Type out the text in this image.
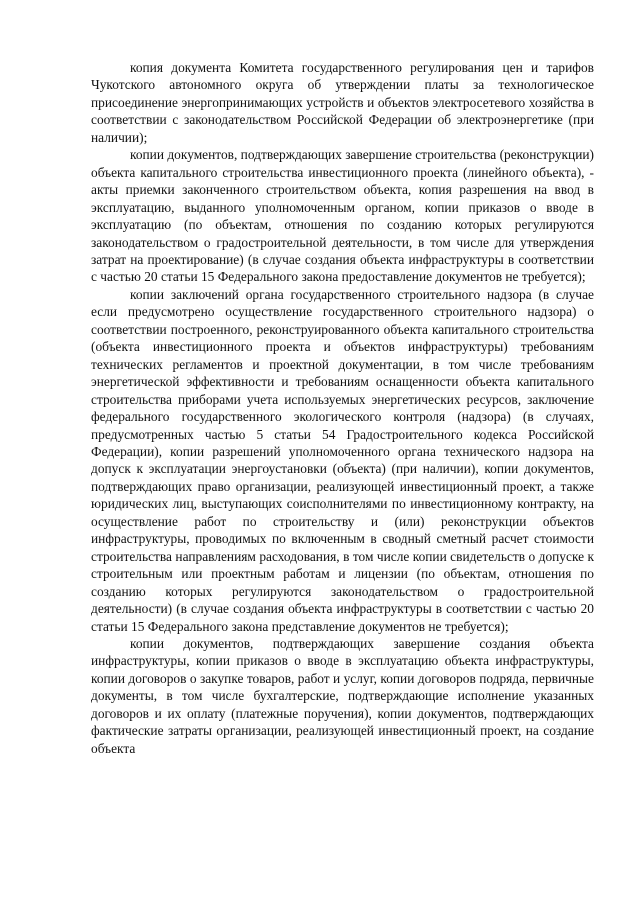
копия документа Комитета государственного регулирования цен и тарифов Чукотского автономного округа об утверждении платы за технологическое присоединение энергопринимающих устройств и объектов электросетевого хозяйства в соответствии с законодательством Российской Федерации об электроэнергетике (при наличии);

копии документов, подтверждающих завершение строительства (реконструкции) объекта капитального строительства инвестиционного проекта (линейного объекта), - акты приемки законченного строительством объекта, копия разрешения на ввод в эксплуатацию, выданного уполномоченным органом, копии приказов о вводе в эксплуатацию (по объектам, отношения по созданию которых регулируются законодательством о градостроительной деятельности, в том числе для утверждения затрат на проектирование) (в случае создания объекта инфраструктуры в соответствии с частью 20 статьи 15 Федерального закона предоставление документов не требуется);

копии заключений органа государственного строительного надзора (в случае если предусмотрено осуществление государственного строительного надзора) о соответствии построенного, реконструированного объекта капитального строительства (объекта инвестиционного проекта и объектов инфраструктуры) требованиям технических регламентов и проектной документации, в том числе требованиям энергетической эффективности и требованиям оснащенности объекта капитального строительства приборами учета используемых энергетических ресурсов, заключение федерального государственного экологического контроля (надзора) (в случаях, предусмотренных частью 5 статьи 54 Градостроительного кодекса Российской Федерации), копии разрешений уполномоченного органа технического надзора на допуск к эксплуатации энергоустановки (объекта) (при наличии), копии документов, подтверждающих право организации, реализующей инвестиционный проект, а также юридических лиц, выступающих соисполнителями по инвестиционному контракту, на осуществление работ по строительству и (или) реконструкции объектов инфраструктуры, проводимых по включенным в сводный сметный расчет стоимости строительства направлениям расходования, в том числе копии свидетельств о допуске к строительным или проектным работам и лицензии (по объектам, отношения по созданию которых регулируются законодательством о градостроительной деятельности) (в случае создания объекта инфраструктуры в соответствии с частью 20 статьи 15 Федерального закона представление документов не требуется);

копии документов, подтверждающих завершение создания объекта инфраструктуры, копии приказов о вводе в эксплуатацию объекта инфраструктуры, копии договоров о закупке товаров, работ и услуг, копии договоров подряда, первичные документы, в том числе бухгалтерские, подтверждающие исполнение указанных договоров и их оплату (платежные поручения), копии документов, подтверждающих фактические затраты организации, реализующей инвестиционный проект, на создание объекта
